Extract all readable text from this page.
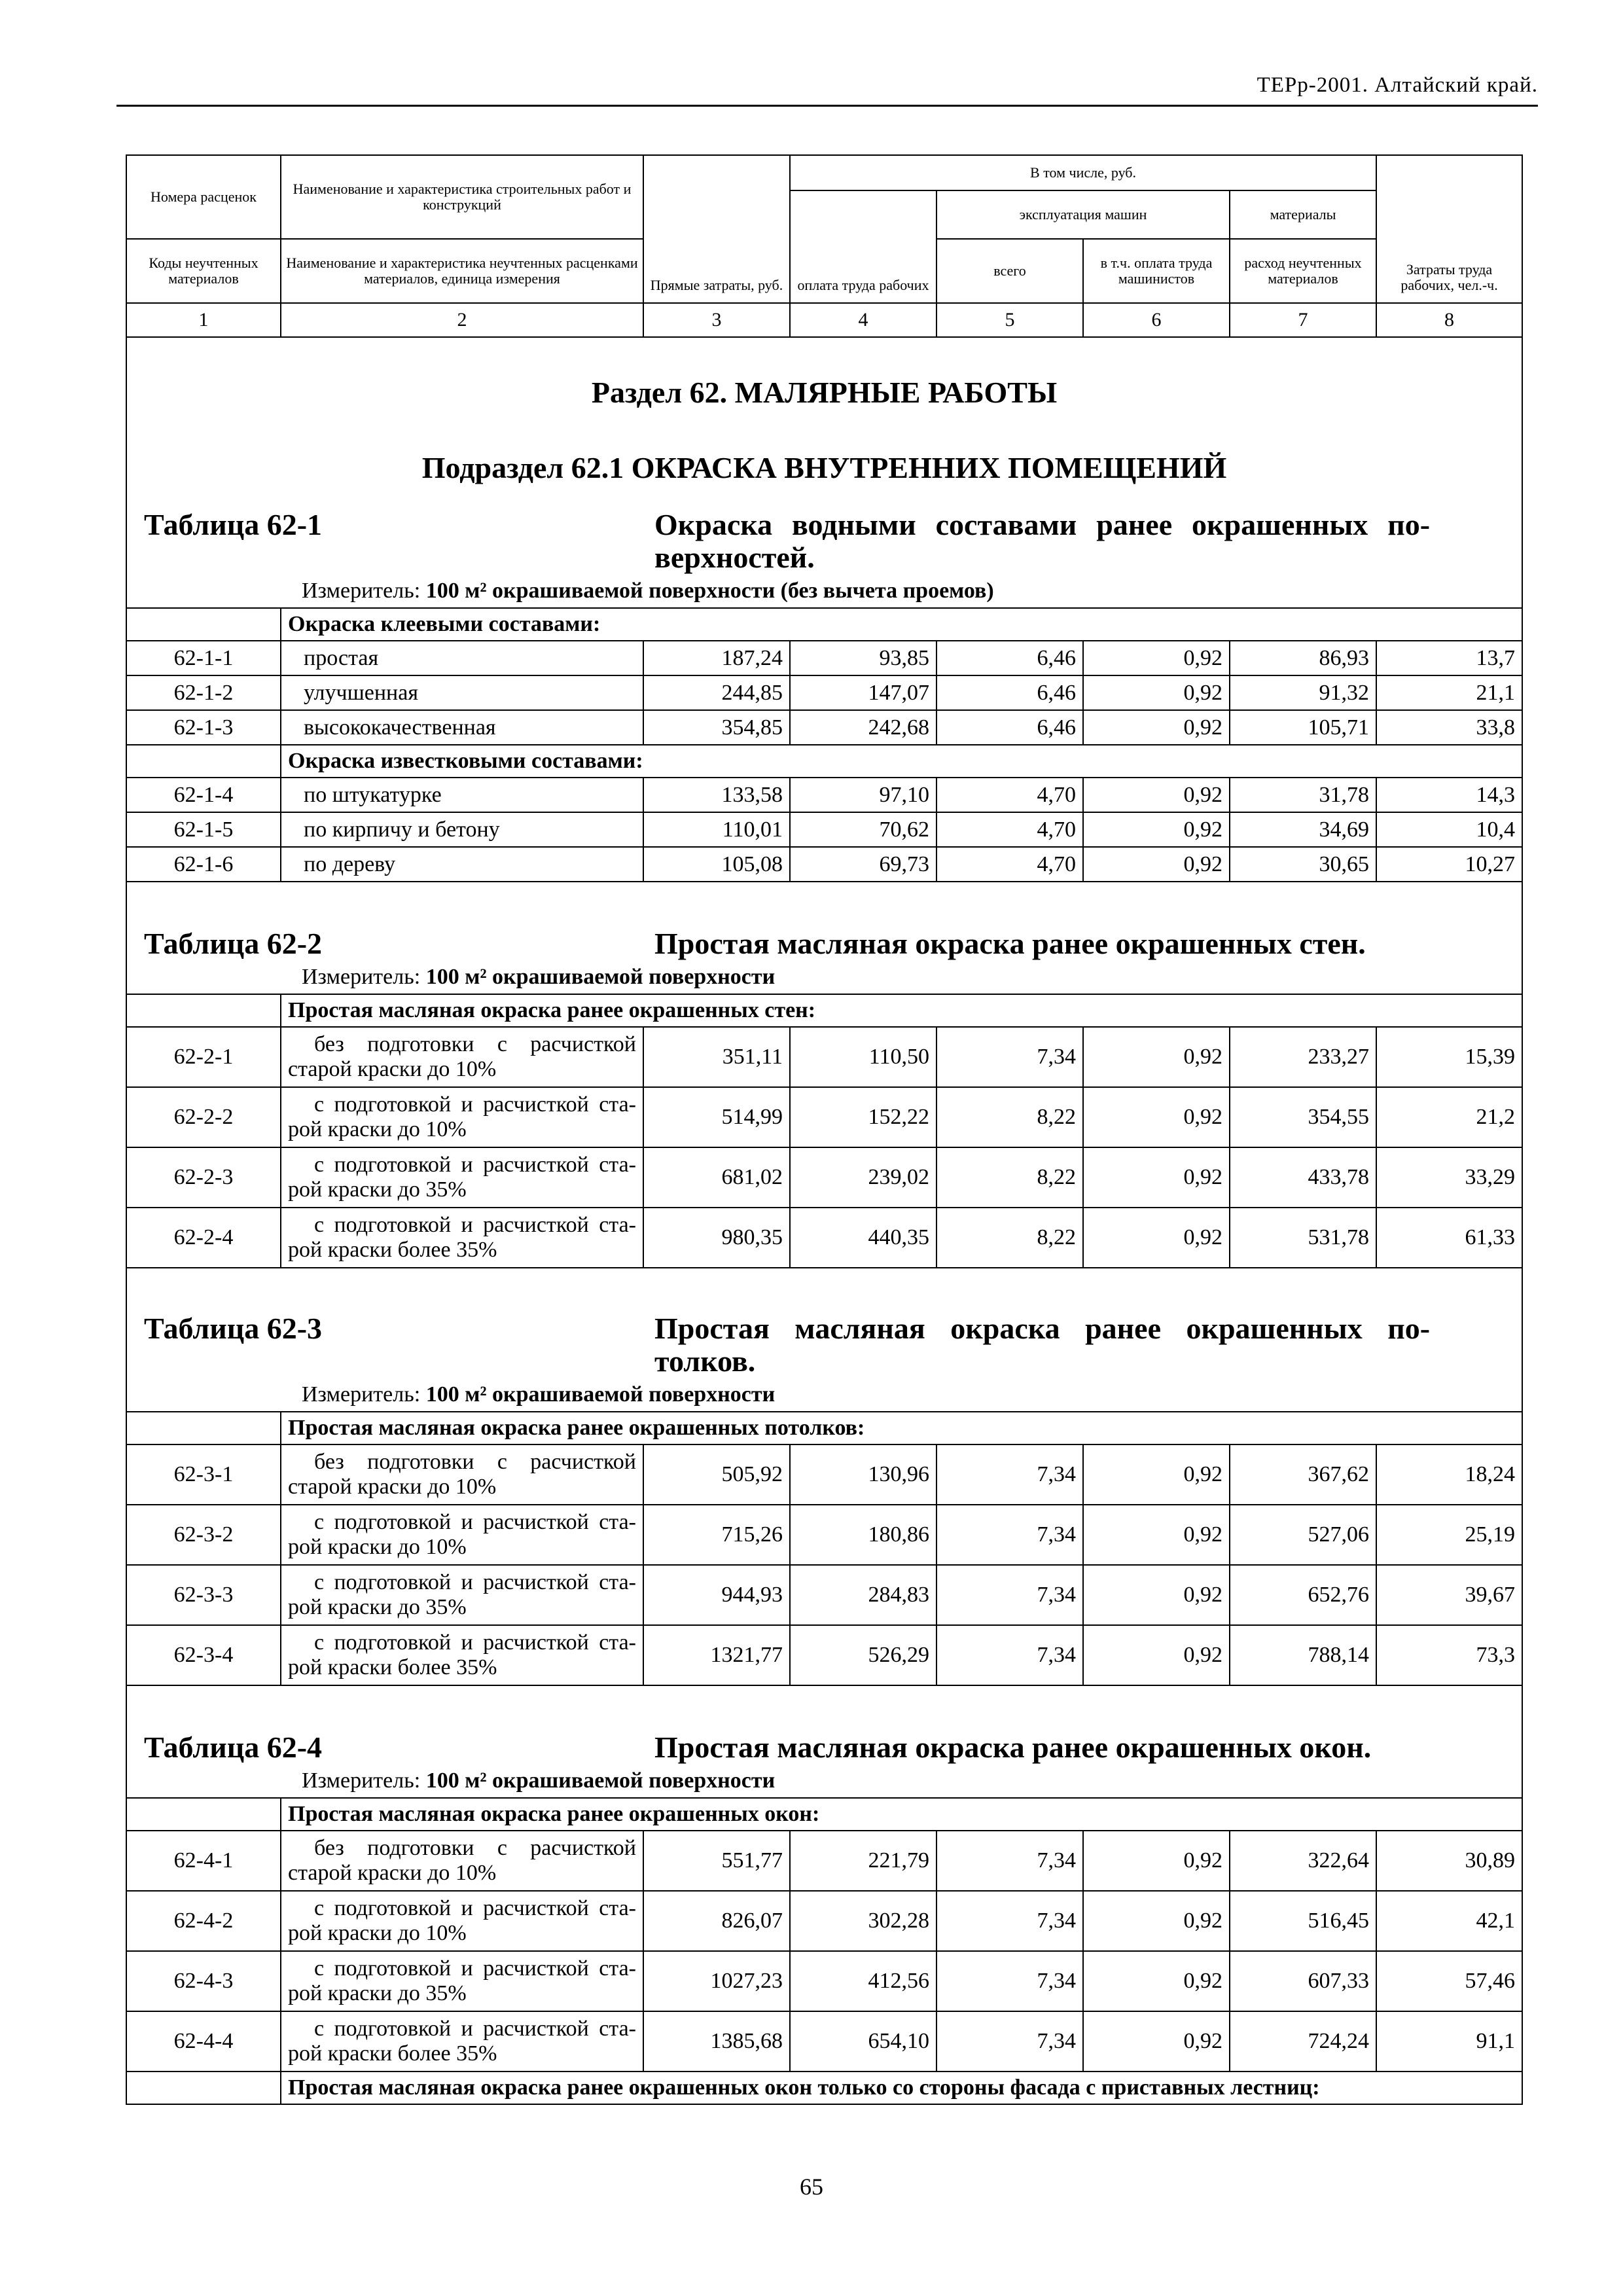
ТЕРр-2001. Алтайский край.
Номера расценок	Наименование и характеристика строительных работ и конструкций	Прямые затраты, руб.	В том числе, руб.				Затраты труда рабочих, чел.-ч.
			оплата труда рабочих	эксплуатация машин		материалы	
Коды неучтенных материалов	Наименование и характеристика неучтенных расценками материалов, единица измерения			всего	в т.ч. оплата труда машинистов	расход неучтенных материалов	
1	2	3	4	5	6	7	8

Раздел 62. МАЛЯРНЫЕ РАБОТЫ							

Подраздел 62.1 ОКРАСКА ВНУТРЕННИХ ПОМЕЩЕНИЙ							

Таблица 62-1 Окраска водными составами ранее окрашенных по-верхностей.							

	Измеритель: 100 м² окрашиваемой поверхности (без вычета проемов)						
	Окраска клеевыми составами:						
62-1-1	простая	187,24	93,85	6,46	0,92	86,93	13,7
62-1-2	улучшенная	244,85	147,07	6,46	0,92	91,32	21,1
62-1-3	высококачественная	354,85	242,68	6,46	0,92	105,71	33,8
	Окраска известковыми составами:						
62-1-4	по штукатурке	133,58	97,10	4,70	0,92	31,78	14,3
62-1-5	по кирпичу и бетону	110,01	70,62	4,70	0,92	34,69	10,4
62-1-6	по дереву	105,08	69,73	4,70	0,92	30,65	10,27

Таблица 62-2 Простая масляная окраска ранее окрашенных стен.							

	Измеритель: 100 м² окрашиваемой поверхности						
	Простая масляная окраска ранее окрашенных стен:						
62-2-1	без подготовки с расчисткой старой краски до 10%	351,11	110,50	7,34	0,92	233,27	15,39
62-2-2	с подготовкой и расчисткой ста-рой краски до 10%	514,99	152,22	8,22	0,92	354,55	21,2
62-2-3	с подготовкой и расчисткой ста-рой краски до 35%	681,02	239,02	8,22	0,92	433,78	33,29
62-2-4	с подготовкой и расчисткой ста-рой краски более 35%	980,35	440,35	8,22	0,92	531,78	61,33

Таблица 62-3 Простая масляная окраска ранее окрашенных по-толков.							

	Измеритель: 100 м² окрашиваемой поверхности						
	Простая масляная окраска ранее окрашенных потолков:						
62-3-1	без подготовки с расчисткой старой краски до 10%	505,92	130,96	7,34	0,92	367,62	18,24
62-3-2	с подготовкой и расчисткой ста-рой краски до 10%	715,26	180,86	7,34	0,92	527,06	25,19
62-3-3	с подготовкой и расчисткой ста-рой краски до 35%	944,93	284,83	7,34	0,92	652,76	39,67
62-3-4	с подготовкой и расчисткой ста-рой краски более 35%	1321,77	526,29	7,34	0,92	788,14	73,3

Таблица 62-4 Простая масляная окраска ранее окрашенных окон.							

	Измеритель: 100 м² окрашиваемой поверхности						
	Простая масляная окраска ранее окрашенных окон:						
62-4-1	без подготовки с расчисткой старой краски до 10%	551,77	221,79	7,34	0,92	322,64	30,89
62-4-2	с подготовкой и расчисткой ста-рой краски до 10%	826,07	302,28	7,34	0,92	516,45	42,1
62-4-3	с подготовкой и расчисткой ста-рой краски до 35%	1027,23	412,56	7,34	0,92	607,33	57,46
62-4-4	с подготовкой и расчисткой ста-рой краски более 35%	1385,68	654,10	7,34	0,92	724,24	91,1
	Простая масляная окраска ранее окрашенных окон только со стороны фасада с приставных лестниц:						
65
